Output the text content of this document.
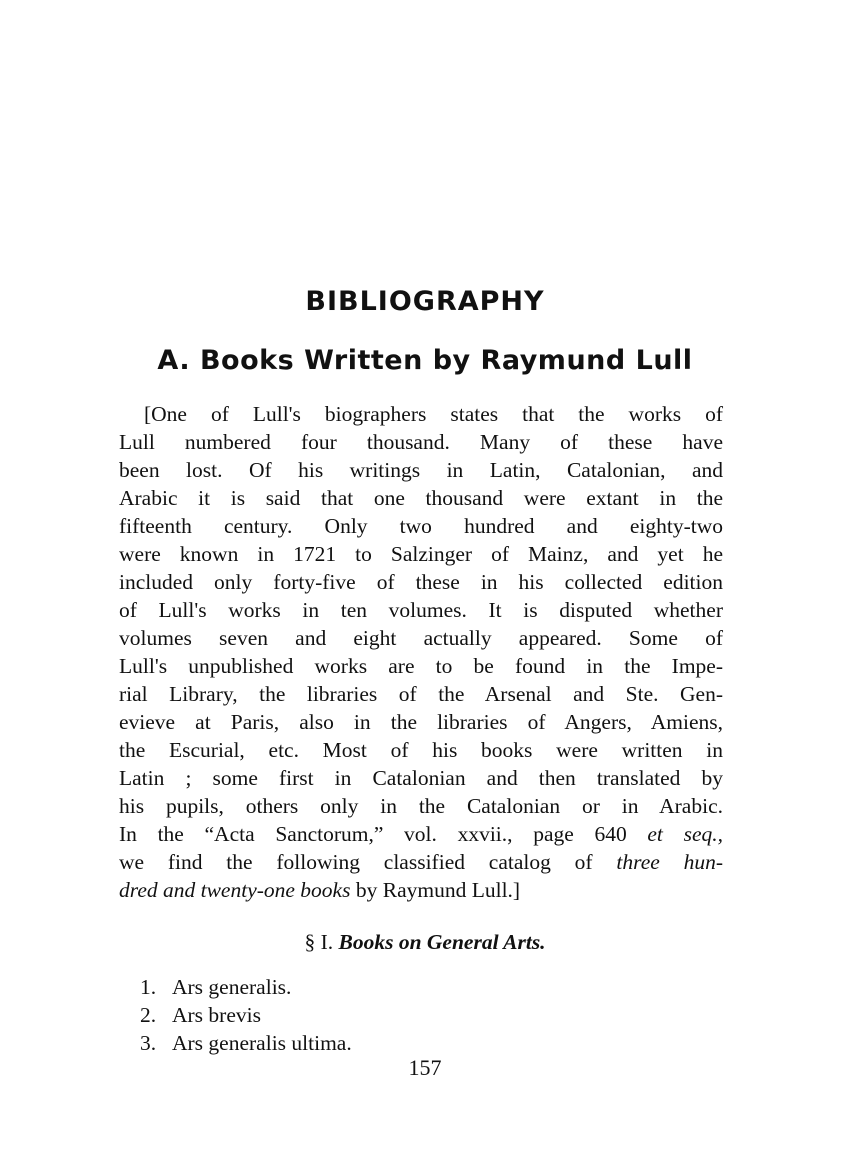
BIBLIOGRAPHY
A. Books Written by Raymund Lull
[One of Lull's biographers states that the works of
Lull numbered four thousand. Many of these have
been lost. Of his writings in Latin, Catalonian, and
Arabic it is said that one thousand were extant in the
fifteenth century. Only two hundred and eighty-two
were known in 1721 to Salzinger of Mainz, and yet he
included only forty-five of these in his collected edition
of Lull's works in ten volumes. It is disputed whether
volumes seven and eight actually appeared. Some of
Lull's unpublished works are to be found in the Impe-
rial Library, the libraries of the Arsenal and Ste. Gen-
evieve at Paris, also in the libraries of Angers, Amiens,
the Escurial, etc. Most of his books were written in
Latin ; some first in Catalonian and then translated by
his pupils, others only in the Catalonian or in Arabic.
In the “Acta Sanctorum,” vol. xxvii., page 640 et seq.,
we find the following classified catalog of three hun-
dred and twenty-one books by Raymund Lull.]
§ I. Books on General Arts.
1. Ars generalis.
2. Ars brevis
3. Ars generalis ultima.
157
